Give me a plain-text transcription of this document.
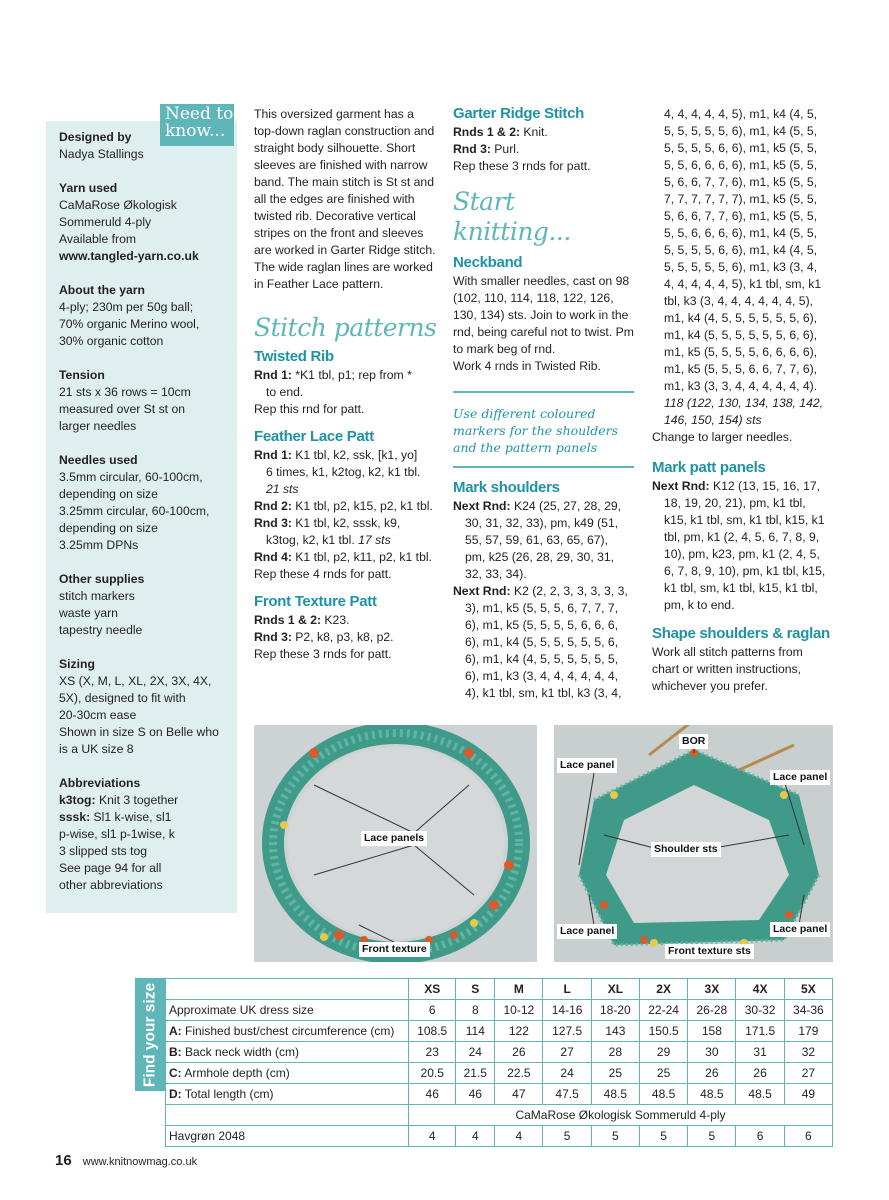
Designed by
Nadya Stallings
Yarn used
CaMaRose Økologisk
Sommeruld 4-ply
Available from
www.tangled-yarn.co.uk
About the yarn
4-ply; 230m per 50g ball;
70% organic Merino wool,
30% organic cotton
Tension
21 sts x 36 rows = 10cm
measured over St st on
larger needles
Needles used
3.5mm circular, 60-100cm,
depending on size
3.25mm circular, 60-100cm,
depending on size
3.25mm DPNs
Other supplies
stitch markers
waste yarn
tapestry needle
Sizing
XS (X, M, L, XL, 2X, 3X, 4X,
5X), designed to fit with
20-30cm ease
Shown in size S on Belle who
is a UK size 8
Abbreviations
k3tog: Knit 3 together
sssk: Sl1 k-wise, sl1
p-wise, sl1 p-1wise, k
3 slipped sts tog
See page 94 for all
other abbreviations
Need to
know...
This oversized garment has a
top-down raglan construction and
straight body silhouette. Short
sleeves are finished with narrow
band. The main stitch is St st and
all the edges are finished with
twisted rib. Decorative vertical
stripes on the front and sleeves
are worked in Garter Ridge stitch.
The wide raglan lines are worked
in Feather Lace pattern.
Stitch patterns
Twisted Rib

Rnd 1: *K1 tbl, p1; rep from *

to end.

Rep this rnd for patt.

Feather Lace Patt

Rnd 1: K1 tbl, k2, ssk, [k1, yo]

6 times, k1, k2tog, k2, k1 tbl.

21 sts

Rnd 2: K1 tbl, p2, k15, p2, k1 tbl.

Rnd 3: K1 tbl, k2, sssk, k9,

k3tog, k2, k1 tbl. 17 sts

Rnd 4: K1 tbl, p2, k11, p2, k1 tbl.

Rep these 4 rnds for patt.

Front Texture Patt

Rnds 1 & 2: K23.

Rnd 3: P2, k8, p3, k8, p2.

Rep these 3 rnds for patt.

Garter Ridge Stitch

Rnds 1 & 2: Knit.

Rnd 3: Purl.

Rep these 3 rnds for patt.

Start knitting...
Neckband
With smaller needles, cast on 98
(102, 110, 114, 118, 122, 126,
130, 134) sts. Join to work in the
rnd, being careful not to twist. Pm
to mark beg of rnd.
Work 4 rnds in Twisted Rib.
Use different coloured
markers for the shoulders
and the pattern panels
Mark shoulders

Next Rnd: K24 (25, 27, 28, 29,

30, 31, 32, 33), pm, k49 (51,
55, 57, 59, 61, 63, 65, 67),
pm, k25 (26, 28, 29, 30, 31,
32, 33, 34).

Next Rnd: K2 (2, 2, 3, 3, 3, 3, 3,

3), m1, k5 (5, 5, 5, 6, 7, 7, 7,
6), m1, k5 (5, 5, 5, 5, 6, 6, 6,
6), m1, k4 (5, 5, 5, 5, 5, 5, 6,
6), m1, k4 (4, 5, 5, 5, 5, 5, 5,
6), m1, k3 (3, 4, 4, 4, 4, 4, 4,
4), k1 tbl, sm, k1 tbl, k3 (3, 4,
4, 4, 4, 4, 4, 5), m1, k4 (4, 5,
5, 5, 5, 5, 5, 6), m1, k4 (5, 5,
5, 5, 5, 5, 6, 6), m1, k5 (5, 5,
5, 5, 6, 6, 6, 6), m1, k5 (5, 5,
5, 6, 6, 7, 7, 6), m1, k5 (5, 5,
7, 7, 7, 7, 7, 7), m1, k5 (5, 5,
5, 6, 6, 7, 7, 6), m1, k5 (5, 5,
5, 5, 6, 6, 6, 6), m1, k4 (5, 5,
5, 5, 5, 5, 6, 6), m1, k4 (4, 5,
5, 5, 5, 5, 5, 6), m1, k3 (3, 4,
4, 4, 4, 4, 4, 5), k1 tbl, sm, k1
tbl, k3 (3, 4, 4, 4, 4, 4, 4, 5),
m1, k4 (4, 5, 5, 5, 5, 5, 5, 6),
m1, k4 (5, 5, 5, 5, 5, 5, 6, 6),
m1, k5 (5, 5, 5, 5, 6, 6, 6, 6),
m1, k5 (5, 5, 5, 6, 6, 7, 7, 6),
m1, k3 (3, 3, 4, 4, 4, 4, 4, 4).
118 (122, 130, 134, 138, 142,
146, 150, 154) sts

Change to larger needles.

Mark patt panels

Next Rnd: K12 (13, 15, 16, 17,

18, 19, 20, 21), pm, k1 tbl,
k15, k1 tbl, sm, k1 tbl, k15, k1
tbl, pm, k1 (2, 4, 5, 6, 7, 8, 9,
10), pm, k23, pm, k1 (2, 4, 5,
6, 7, 8, 9, 10), pm, k1 tbl, k15,
k1 tbl, sm, k1 tbl, k15, k1 tbl,
pm, k to end.
Shape shoulders & raglan
Work all stitch patterns from
chart or written instructions,
whichever you prefer.
Lace panels
Front texture
BOR
Lace panel
Lace panel
Shoulder sts
Lace panel	Lace panel
Front texture sts
Find your size
		XS	S	M	L	XL	2X	3X	4X	5X
Approximate UK dress size	6	8	10-12	14-16	18-20	22-24	26-28	30-32	34-36
A: Finished bust/chest circumference (cm)	108.5	114	122	127.5	143	150.5	158	171.5	179
B: Back neck width (cm)	23	24	26	27	28	29	30	31	32
C: Armhole depth (cm)	20.5	21.5	22.5	24	25	25	26	26	27
D: Total length (cm)	46	46	47	47.5	48.5	48.5	48.5	48.5	49
	CaMaRose Økologisk Sommeruld 4-ply								
Havgrøn 2048	4	4	4	5	5	5	5	6	6
16 www.knitnowmag.co.uk
